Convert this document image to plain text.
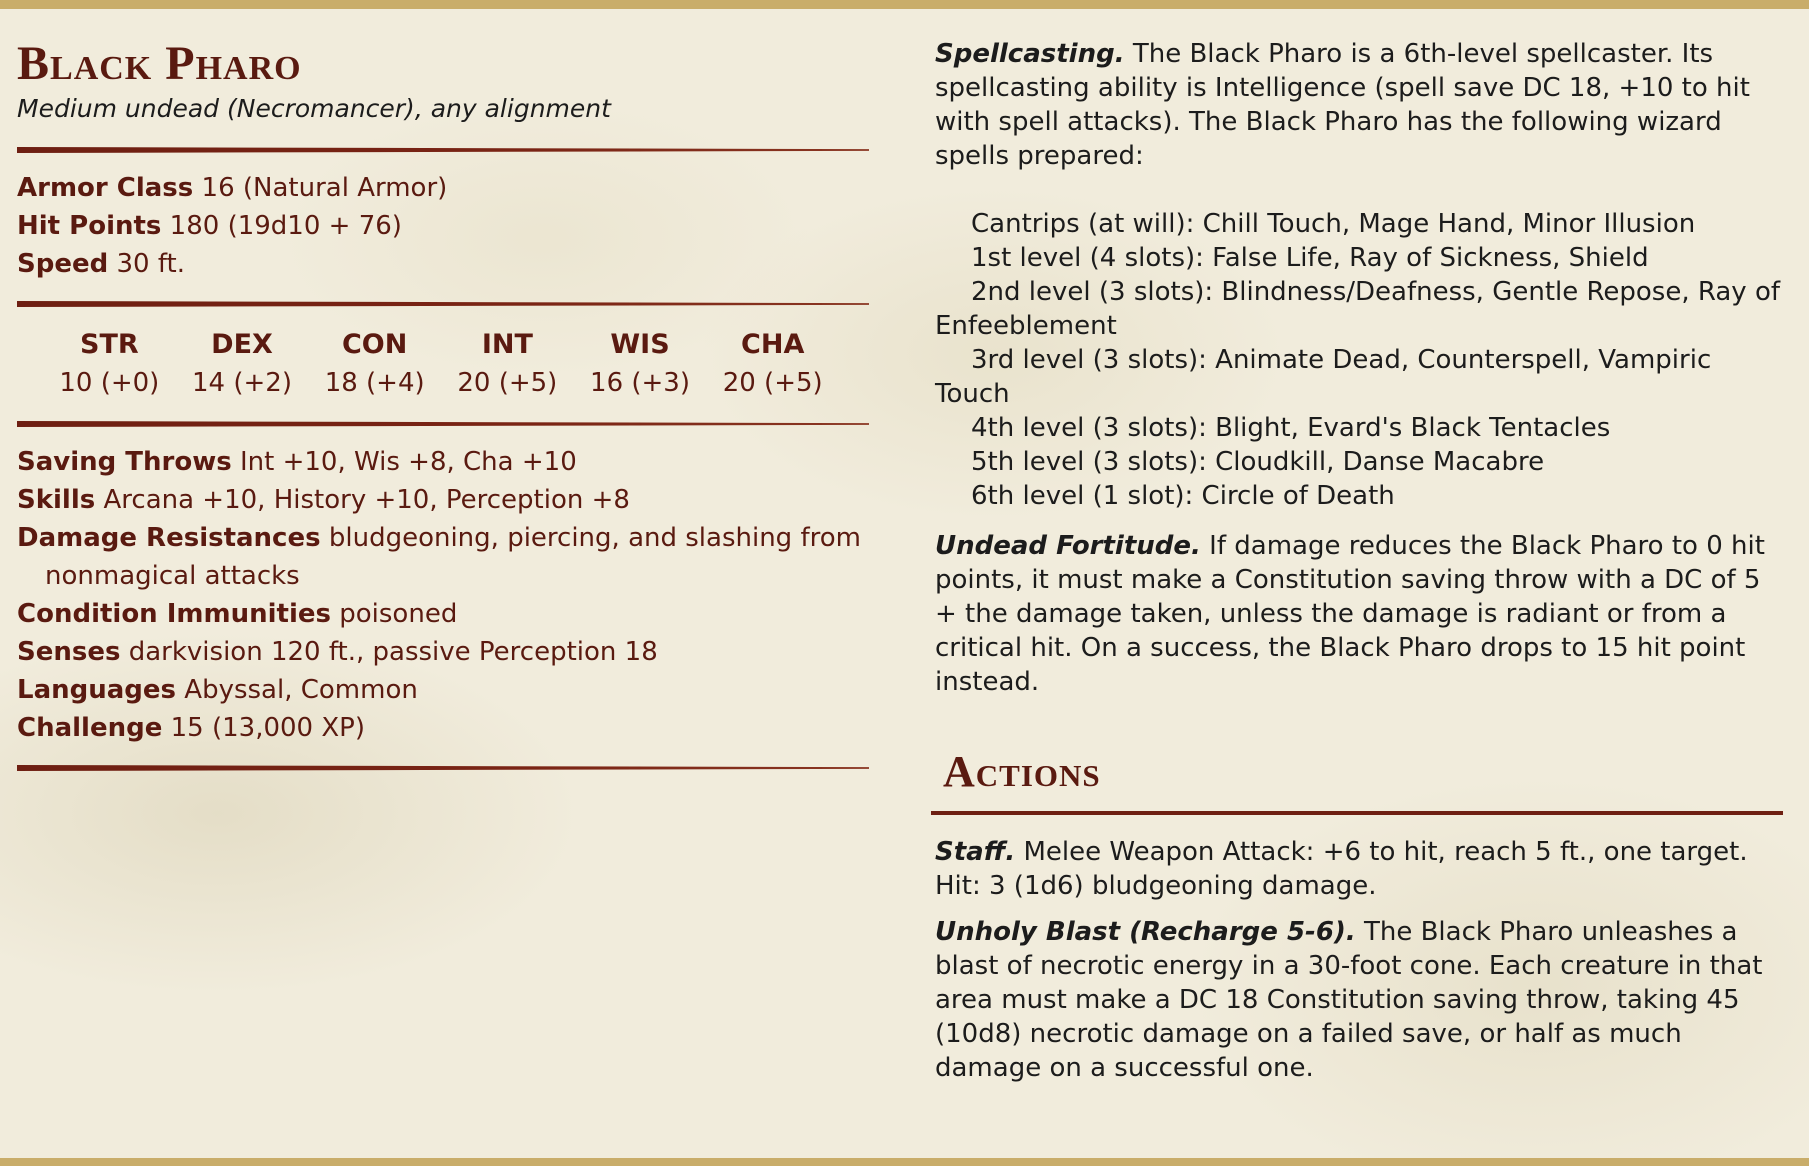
Black Pharo
Medium undead (Necromancer), any alignment
Armor Class 16 (Natural Armor)
Hit Points 180 (19d10 + 76)
Speed 30 ft.
STR
10 (+0)
DEX
14 (+2)
CON
18 (+4)
INT
20 (+5)
WIS
16 (+3)
CHA
20 (+5)
Saving Throws Int +10, Wis +8, Cha +10
Skills Arcana +10, History +10, Perception +8
Damage Resistances bludgeoning, piercing, and slashing from nonmagical attacks
Condition Immunities poisoned
Senses darkvision 120 ft., passive Perception 18
Languages Abyssal, Common
Challenge 15 (13,000 XP)

Spellcasting. The Black Pharo is a 6th-level spellcaster. Its spellcasting ability is Intelligence (spell save DC 18, +10 to hit with spell attacks). The Black Pharo has the following wizard spells prepared:

Cantrips (at will): Chill Touch, Mage Hand, Minor Illusion

1st level (4 slots): False Life, Ray of Sickness, Shield

2nd level (3 slots): Blindness/Deafness, Gentle Repose, Ray of Enfeeblement

3rd level (3 slots): Animate Dead, Counterspell, Vampiric Touch

4th level (3 slots): Blight, Evard's Black Tentacles

5th level (3 slots): Cloudkill, Danse Macabre

6th level (1 slot): Circle of Death

Undead Fortitude. If damage reduces the Black Pharo to 0 hit points, it must make a Constitution saving throw with a DC of 5 + the damage taken, unless the damage is radiant or from a critical hit. On a success, the Black Pharo drops to 15 hit point instead.

Actions

Staff. Melee Weapon Attack: +6 to hit, reach 5 ft., one target. Hit: 3 (1d6) bludgeoning damage.

Unholy Blast (Recharge 5-6). The Black Pharo unleashes a blast of necrotic energy in a 30-foot cone. Each creature in that area must make a DC 18 Constitution saving throw, taking 45 (10d8) necrotic damage on a failed save, or half as much damage on a successful one.
